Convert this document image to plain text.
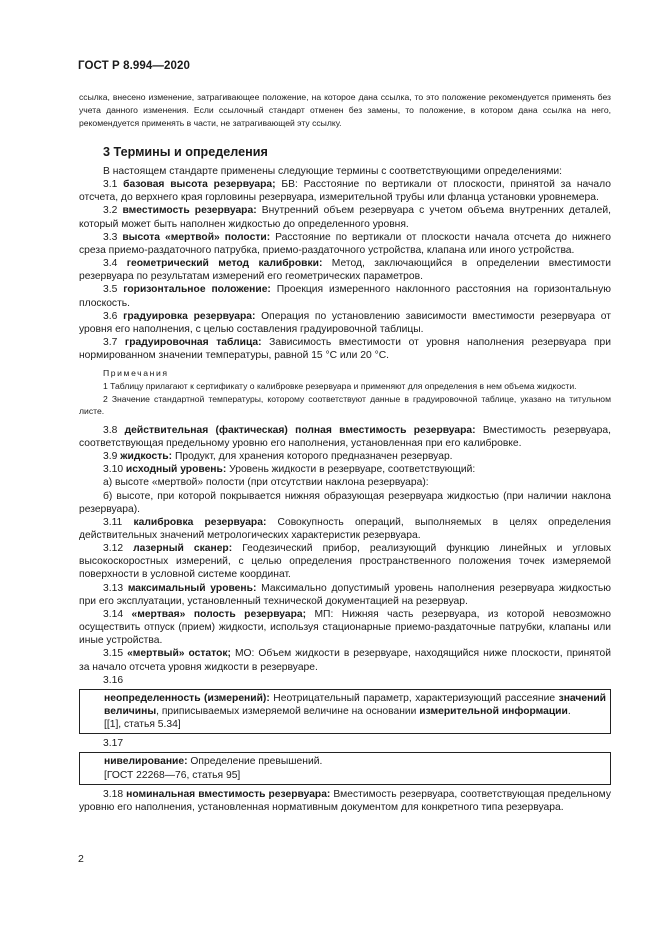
ГОСТ Р 8.994—2020

ссылка, внесено изменение, затрагивающее положение, на которое дана ссылка, то это положение рекомендуется применять без учета данного изменения. Если ссылочный стандарт отменен без замены, то положение, в котором дана ссылка на него, рекомендуется применять в части, не затрагивающей эту ссылку.

3 Термины и определения

В настоящем стандарте применены следующие термины с соответствующими определениями:

3.1 базовая высота резервуара; БВ: Расстояние по вертикали от плоскости, принятой за начало отсчета, до верхнего края горловины резервуара, измерительной трубы или фланца установки уровнемера.

3.2 вместимость резервуара: Внутренний объем резервуара с учетом объема внутренних деталей, который может быть наполнен жидкостью до определенного уровня.

3.3 высота «мертвой» полости: Расстояние по вертикали от плоскости начала отсчета до нижнего среза приемо-раздаточного патрубка, приемо-раздаточного устройства, клапана или иного устройства.

3.4 геометрический метод калибровки: Метод, заключающийся в определении вместимости резервуара по результатам измерений его геометрических параметров.

3.5 горизонтальное положение: Проекция измеренного наклонного расстояния на горизонтальную плоскость.

3.6 градуировка резервуара: Операция по установлению зависимости вместимости резервуара от уровня его наполнения, с целью составления градуировочной таблицы.

3.7 градуировочная таблица: Зависимость вместимости от уровня наполнения резервуара при нормированном значении температуры, равной 15 °C или 20 °C.

Примечания

1 Таблицу прилагают к сертификату о калибровке резервуара и применяют для определения в нем объема жидкости.

2 Значение стандартной температуры, которому соответствуют данные в градуировочной таблице, указано на титульном листе.

3.8 действительная (фактическая) полная вместимость резервуара: Вместимость резервуара, соответствующая предельному уровню его наполнения, установленная при его калибровке.

3.9 жидкость: Продукт, для хранения которого предназначен резервуар.

3.10 исходный уровень: Уровень жидкости в резервуаре, соответствующий:

а) высоте «мертвой» полости (при отсутствии наклона резервуара):

б) высоте, при которой покрывается нижняя образующая резервуара жидкостью (при наличии наклона резервуара).

3.11 калибровка резервуара: Совокупность операций, выполняемых в целях определения действительных значений метрологических характеристик резервуара.

3.12 лазерный сканер: Геодезический прибор, реализующий функцию линейных и угловых высокоскоростных измерений, с целью определения пространственного положения точек измеряемой поверхности в условной системе координат.

3.13 максимальный уровень: Максимально допустимый уровень наполнения резервуара жидкостью при его эксплуатации, установленный технической документацией на резервуар.

3.14 «мертвая» полость резервуара; МП: Нижняя часть резервуара, из которой невозможно осуществить отпуск (прием) жидкости, используя стационарные приемо-раздаточные патрубки, клапаны или иные устройства.

3.15 «мертвый» остаток; МО: Объем жидкости в резервуаре, находящийся ниже плоскости, принятой за начало отсчета уровня жидкости в резервуаре.

3.16

неопределенность (измерений): Неотрицательный параметр, характеризующий рассеяние значений величины, приписываемых измеряемой величине на основании измерительной информации.

[[1], статья 5.34]

3.17

нивелирование: Определение превышений.

[ГОСТ 22268—76, статья 95]

3.18 номинальная вместимость резервуара: Вместимость резервуара, соответствующая предельному уровню его наполнения, установленная нормативным документом для конкретного типа резервуара.

2
